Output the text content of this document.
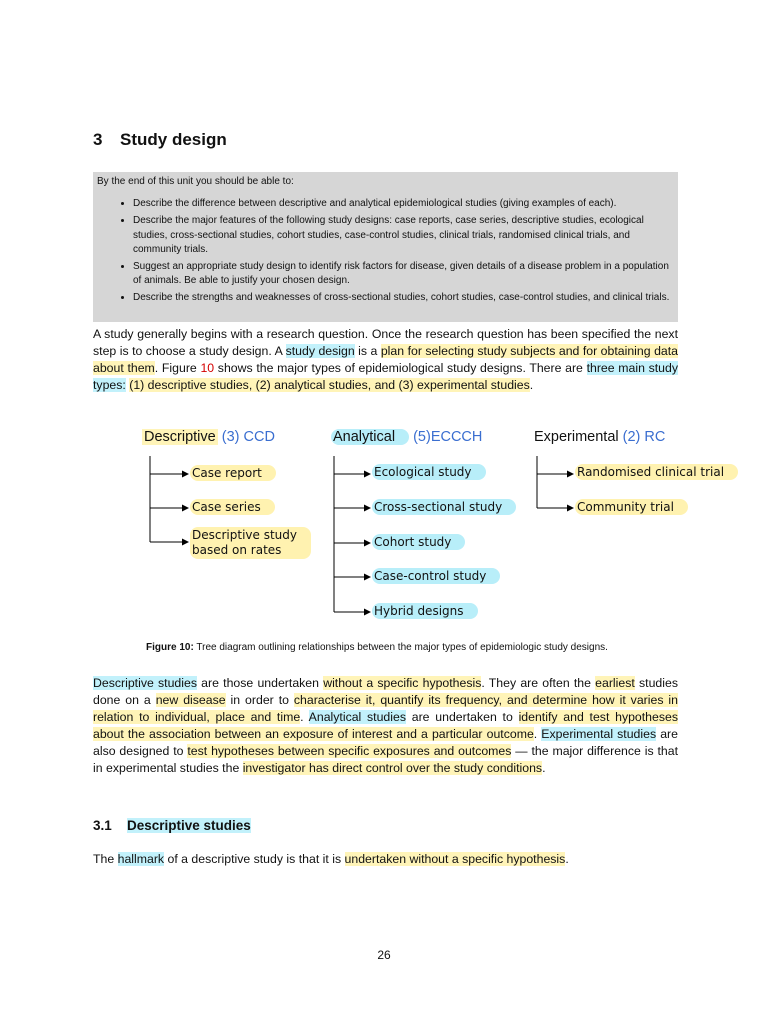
3 Study design
By the end of this unit you should be able to:
• Describe the difference between descriptive and analytical epidemiological studies (giving examples of each).
• Describe the major features of the following study designs: case reports, case series, descriptive studies, ecological studies, cross-sectional studies, cohort studies, case-control studies, clinical trials, randomised clinical trials, and community trials.
• Suggest an appropriate study design to identify risk factors for disease, given details of a disease problem in a population of animals. Be able to justify your chosen design.
• Describe the strengths and weaknesses of cross-sectional studies, cohort studies, case-control studies, and clinical trials.
A study generally begins with a research question. Once the research question has been specified the next step is to choose a study design. A study design is a plan for selecting study subjects and for obtaining data about them. Figure 10 shows the major types of epidemiological study designs. There are three main study types: (1) descriptive studies, (2) analytical studies, and (3) experimental studies.
Descriptive (3) CCD	Analytical (5)ECCCH	Experimental (2) RC
Case report
Case series
Descriptive study
based on rates
Ecological study
Cross-sectional study
Cohort study
Case-control study
Hybrid designs
Randomised clinical trial
Community trial
Figure 10: Tree diagram outlining relationships between the major types of epidemiologic study designs.
Descriptive studies are those undertaken without a specific hypothesis. They are often the earliest studies done on a new disease in order to characterise it, quantify its frequency, and determine how it varies in relation to individual, place and time. Analytical studies are undertaken to identify and test hypotheses about the association between an exposure of interest and a particular outcome. Experimental studies are also designed to test hypotheses between specific exposures and outcomes — the major difference is that in experimental studies the investigator has direct control over the study conditions.
3.1 Descriptive studies
The hallmark of a descriptive study is that it is undertaken without a specific hypothesis.
26
